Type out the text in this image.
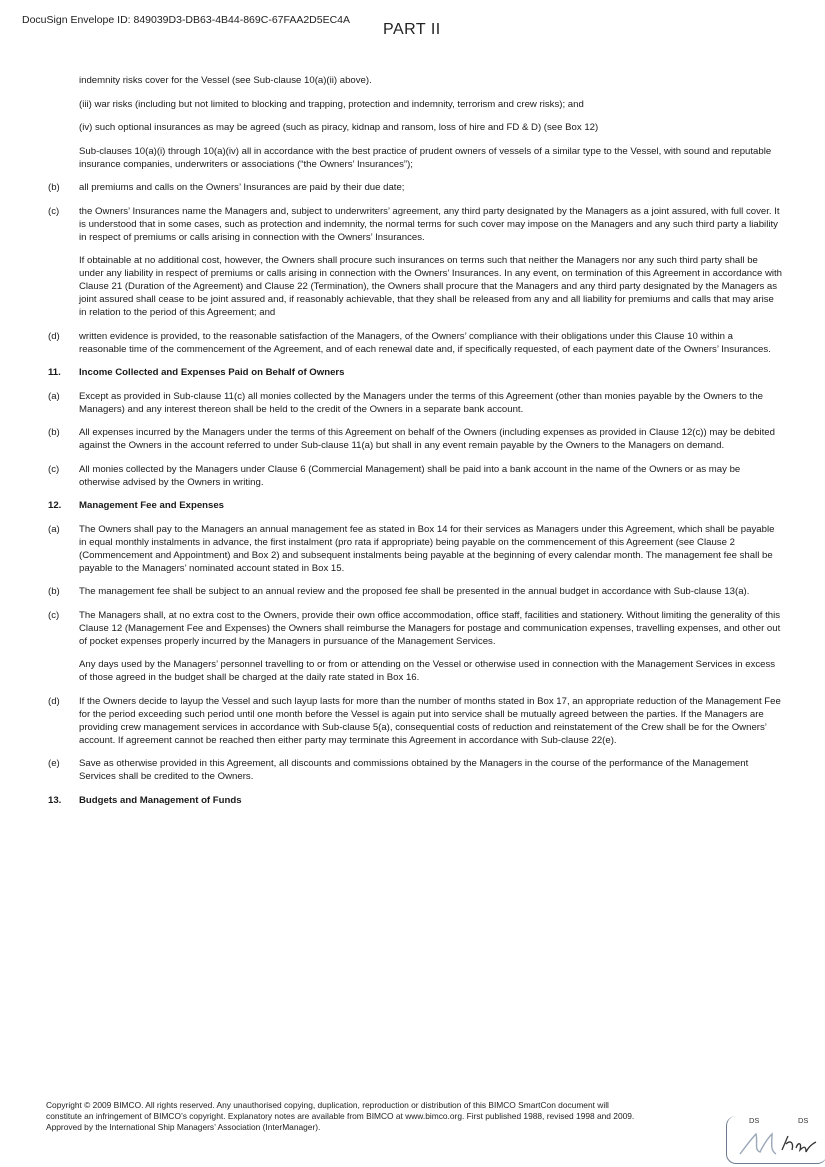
DocuSign Envelope ID: 849039D3-DB63-4B44-869C-67FAA2D5EC4A
PART II
indemnity risks cover for the Vessel (see Sub-clause 10(a)(ii) above).
(iii) war risks (including but not limited to blocking and trapping, protection and indemnity, terrorism and crew risks); and
(iv) such optional insurances as may be agreed (such as piracy, kidnap and ransom, loss of hire and FD & D) (see Box 12)
Sub-clauses 10(a)(i) through 10(a)(iv) all in accordance with the best practice of prudent owners of vessels of a similar type to the Vessel, with sound and reputable insurance companies, underwriters or associations (“the Owners’ Insurances”);
(b)	all premiums and calls on the Owners’ Insurances are paid by their due date;
(c)	the Owners’ Insurances name the Managers and, subject to underwriters’ agreement, any third party designated by the Managers as a joint assured, with full cover. It is understood that in some cases, such as protection and indemnity, the normal terms for such cover may impose on the Managers and any such third party a liability in respect of premiums or calls arising in connection with the Owners’ Insurances.

If obtainable at no additional cost, however, the Owners shall procure such insurances on terms such that neither the Managers nor any such third party shall be under any liability in respect of premiums or calls arising in connection with the Owners’ Insurances. In any event, on termination of this Agreement in accordance with Clause 21 (Duration of the Agreement) and Clause 22 (Termination), the Owners shall procure that the Managers and any third party designated by the Managers as joint assured shall cease to be joint assured and, if reasonably achievable, that they shall be released from any and all liability for premiums and calls that may arise in relation to the period of this Agreement; and

(d)	written evidence is provided, to the reasonable satisfaction of the Managers, of the Owners’ compliance with their obligations under this Clause 10 within a reasonable time of the commencement of the Agreement, and of each renewal date and, if specifically requested, of each payment date of the Owners’ Insurances.
11.	Income Collected and Expenses Paid on Behalf of Owners
(a)	Except as provided in Sub-clause 11(c) all monies collected by the Managers under the terms of this Agreement (other than monies payable by the Owners to the Managers) and any interest thereon shall be held to the credit of the Owners in a separate bank account.
(b)	All expenses incurred by the Managers under the terms of this Agreement on behalf of the Owners (including expenses as provided in Clause 12(c)) may be debited against the Owners in the account referred to under Sub-clause 11(a) but shall in any event remain payable by the Owners to the Managers on demand.
(c)	All monies collected by the Managers under Clause 6 (Commercial Management) shall be paid into a bank account in the name of the Owners or as may be otherwise advised by the Owners in writing.
12.	Management Fee and Expenses
(a)	The Owners shall pay to the Managers an annual management fee as stated in Box 14 for their services as Managers under this Agreement, which shall be payable in equal monthly instalments in advance, the first instalment (pro rata if appropriate) being payable on the commencement of this Agreement (see Clause 2 (Commencement and Appointment) and Box 2) and subsequent instalments being payable at the beginning of every calendar month. The management fee shall be payable to the Managers’ nominated account stated in Box 15.
(b)	The management fee shall be subject to an annual review and the proposed fee shall be presented in the annual budget in accordance with Sub-clause 13(a).
(c)	The Managers shall, at no extra cost to the Owners, provide their own office accommodation, office staff, facilities and stationery. Without limiting the generality of this Clause 12 (Management Fee and Expenses) the Owners shall reimburse the Managers for postage and communication expenses, travelling expenses, and other out of pocket expenses properly incurred by the Managers in pursuance of the Management Services.

Any days used by the Managers’ personnel travelling to or from or attending on the Vessel or otherwise used in connection with the Management Services in excess of those agreed in the budget shall be charged at the daily rate stated in Box 16.

(d)	If the Owners decide to layup the Vessel and such layup lasts for more than the number of months stated in Box 17, an appropriate reduction of the Management Fee for the period exceeding such period until one month before the Vessel is again put into service shall be mutually agreed between the parties. If the Managers are providing crew management services in accordance with Sub-clause 5(a), consequential costs of reduction and reinstatement of the Crew shall be for the Owners’ account. If agreement cannot be reached then either party may terminate this Agreement in accordance with Sub-clause 22(e).
(e)	Save as otherwise provided in this Agreement, all discounts and commissions obtained by the Managers in the course of the performance of the Management Services shall be credited to the Owners.
13.	Budgets and Management of Funds

Copyright © 2009 BIMCO. All rights reserved. Any unauthorised copying, duplication, reproduction or distribution of this BIMCO SmartCon document will

constitute an infringement of BIMCO’s copyright. Explanatory notes are available from BIMCO at www.bimco.org. First published 1988, revised 1998 and 2009.

Approved by the International Ship Managers’ Association (InterManager).

DS	DS
